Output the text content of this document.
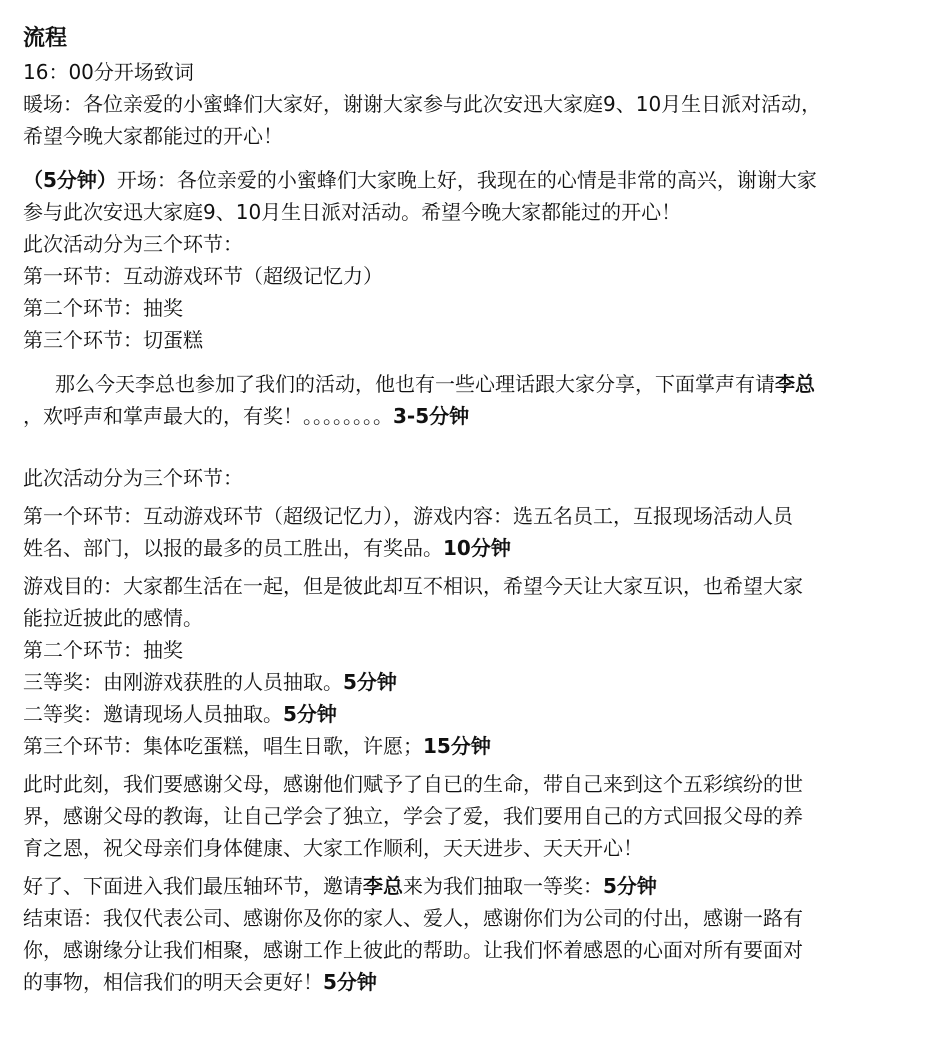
流程

16：00分开场致词

暖场：各位亲爱的小蜜蜂们大家好，谢谢大家参与此次安迅大家庭9、10月生日派对活动，

希望今晚大家都能过的开心！

（5分钟）开场：各位亲爱的小蜜蜂们大家晚上好，我现在的心情是非常的高兴，谢谢大家

参与此次安迅大家庭9、10月生日派对活动。希望今晚大家都能过的开心！

此次活动分为三个环节：

第一环节：互动游戏环节（超级记忆力）

第二个环节：抽奖

第三个环节：切蛋糕

那么今天李总也参加了我们的活动，他也有一些心理话跟大家分享，下面掌声有请李总

，欢呼声和掌声最大的，有奖！。。。。。。。。3-5分钟

此次活动分为三个环节：

第一个环节：互动游戏环节（超级记忆力），游戏内容：选五名员工，互报现场活动人员

姓名、部门，以报的最多的员工胜出，有奖品。10分钟

游戏目的：大家都生活在一起，但是彼此却互不相识，希望今天让大家互识，也希望大家

能拉近披此的感情。

第二个环节：抽奖

三等奖：由刚游戏获胜的人员抽取。5分钟

二等奖：邀请现场人员抽取。5分钟

第三个环节：集体吃蛋糕，唱生日歌，许愿；15分钟

此时此刻，我们要感谢父母，感谢他们赋予了自已的生命，带自己来到这个五彩缤纷的世

界，感谢父母的教诲，让自己学会了独立，学会了爱，我们要用自己的方式回报父母的养

育之恩，祝父母亲们身体健康、大家工作顺利，天天进步、天天开心！

好了、下面进入我们最压轴环节，邀请李总来为我们抽取一等奖：5分钟

结束语：我仅代表公司、感谢你及你的家人、爱人，感谢你们为公司的付出，感谢一路有

你，感谢缘分让我们相聚，感谢工作上彼此的帮助。让我们怀着感恩的心面对所有要面对

的事物，相信我们的明天会更好！5分钟
